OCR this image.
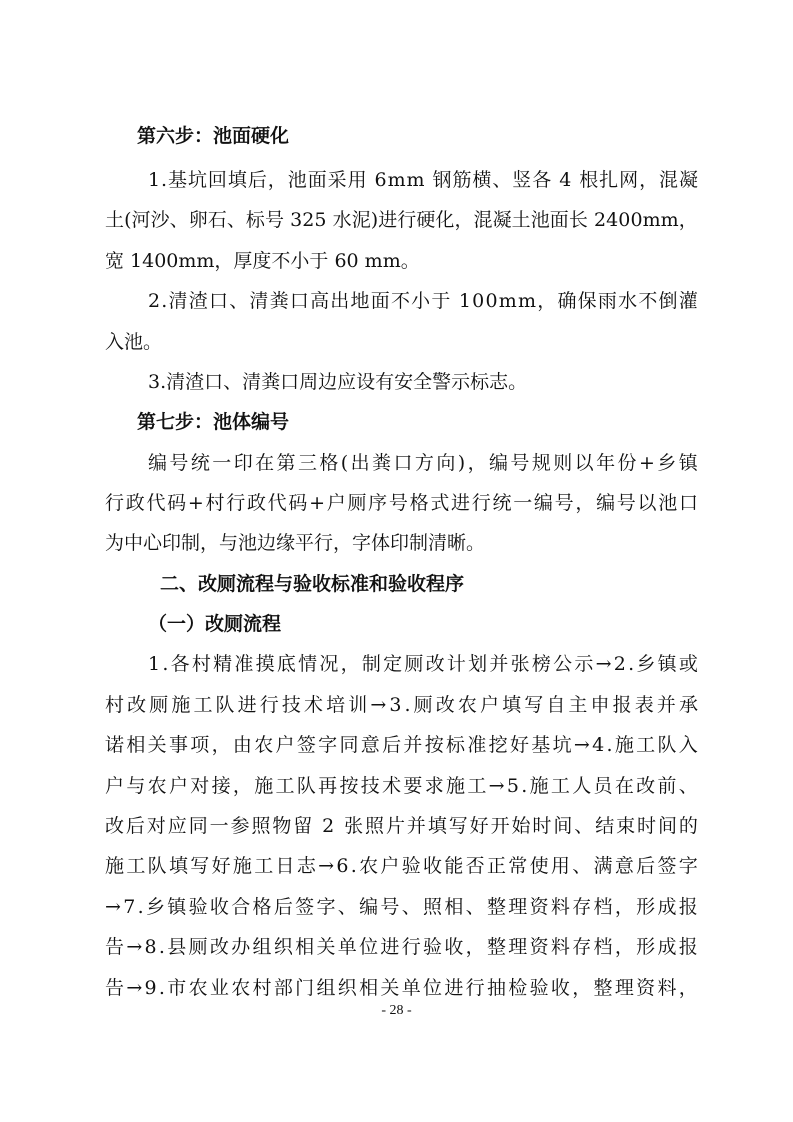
第六步：池面硬化
1 . 基 坑 回 填 后 ， 池 面 采 用
6 m m
钢 筋 横 、 竖 各
4
根 扎 网 ， 混 凝
土 ( 河 沙 、 卵 石 、 标 号
3 2 5
水 泥 ) 进 行 硬 化 ， 混 凝 土 池 面 长
2 4 0 0 m m ，
宽 1400mm，厚度不小于 60 mm。
2 . 清 渣 口 、 清 粪 口 高 出 地 面 不 小 于
1 0 0 m m ， 确 保 雨 水 不 倒 灌
入池。
3.清渣口、清粪口周边应设有安全警示标志。
第七步：池体编号
编 号 统 一 印 在 第 三 格 ( 出 粪 口 方 向 ) ， 编 号 规 则 以 年 份 + 乡 镇
行 政 代 码 + 村 行 政 代 码 + 户 厕 序 号 格 式 进 行 统 一 编 号 ， 编 号 以 池 口
为中心印制，与池边缘平行，字体印制清晰。
二、改厕流程与验收标准和验收程序
（一）改厕流程
1 . 各 村 精 准 摸 底 情 况 ， 制 定 厕 改 计 划 并 张 榜 公 示 → 2 . 乡 镇 或
村 改 厕 施 工 队 进 行 技 术 培 训 → 3 . 厕 改 农 户 填 写 自 主 申 报 表 并 承
诺 相 关 事 项 ， 由 农 户 签 字 同 意 后 并 按 标 准 挖 好 基 坑 → 4 . 施 工 队 入
户 与 农 户 对 接 ， 施 工 队 再 按 技 术 要 求 施 工 → 5 . 施 工 人 员 在 改 前 、
改 后 对 应 同 一 参 照 物 留
2
张 照 片 并 填 写 好 开 始 时 间 、 结 束 时 间 的
施 工 队 填 写 好 施 工 日 志 → 6 . 农 户 验 收 能 否 正 常 使 用 、 满 意 后 签 字
→ 7 . 乡 镇 验 收 合 格 后 签 字 、 编 号 、 照 相 、 整 理 资 料 存 档 ， 形 成 报
告 → 8 . 县 厕 改 办 组 织 相 关 单 位 进 行 验 收 ， 整 理 资 料 存 档 ， 形 成 报
告 → 9 . 市 农 业 农 村 部 门 组 织 相 关 单 位 进 行 抽 检 验 收 ， 整 理 资 料 ，
- 28 -
